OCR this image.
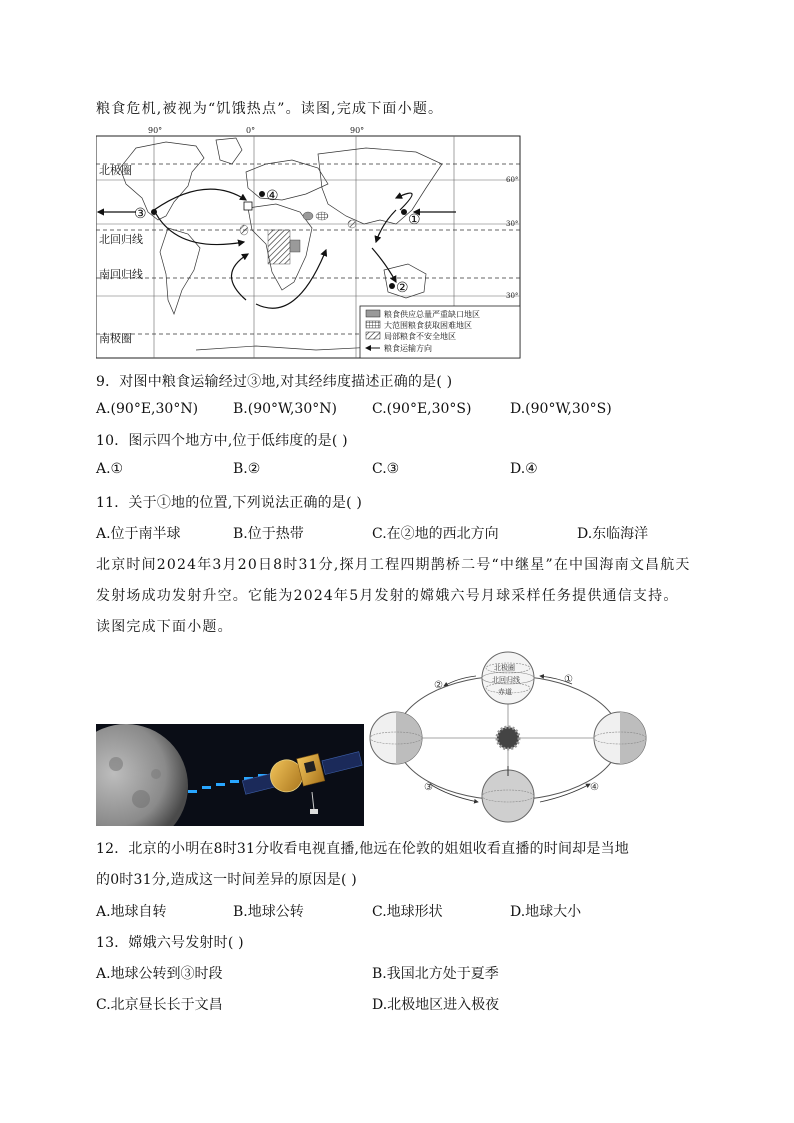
粮食危机,被视为“饥饿热点”。读图,完成下面小题。
90°	0°	90°
60°
30°
30°
北极圈
北回归线
南回归线
南极圈
③
④
①
②
粮食供应总量严重缺口地区
大范围粮食获取困难地区
局部粮食不安全地区
粮食运输方向
9．对图中粮食运输经过③地,对其经纬度描述正确的是( )
A.(90°E,30°N) B.(90°W,30°N)	C.(90°E,30°S)	D.(90°W,30°S)
10．图示四个地方中,位于低纬度的是( )
A.①	B.②	C.③	D.④
11．关于①地的位置,下列说法正确的是( )
A.位于南半球	B.位于热带	C.在②地的西北方向	D.东临海洋
北京时间2024年3月20日8时31分,探月工程四期鹊桥二号“中继星”在中国海南文昌航天
发射场成功发射升空。它能为2024年5月发射的嫦娥六号月球采样任务提供通信支持。
读图完成下面小题。
北极圈
北回归线
赤道
①
②
③	④
12．北京的小明在8时31分收看电视直播,他远在伦敦的姐姐收看直播的时间却是当地
的0时31分,造成这一时间差异的原因是( )
A.地球自转	B.地球公转	C.地球形状	D.地球大小
13．嫦娥六号发射时( )
A.地球公转到③时段	B.我国北方处于夏季
C.北京昼长长于文昌	D.北极地区进入极夜
